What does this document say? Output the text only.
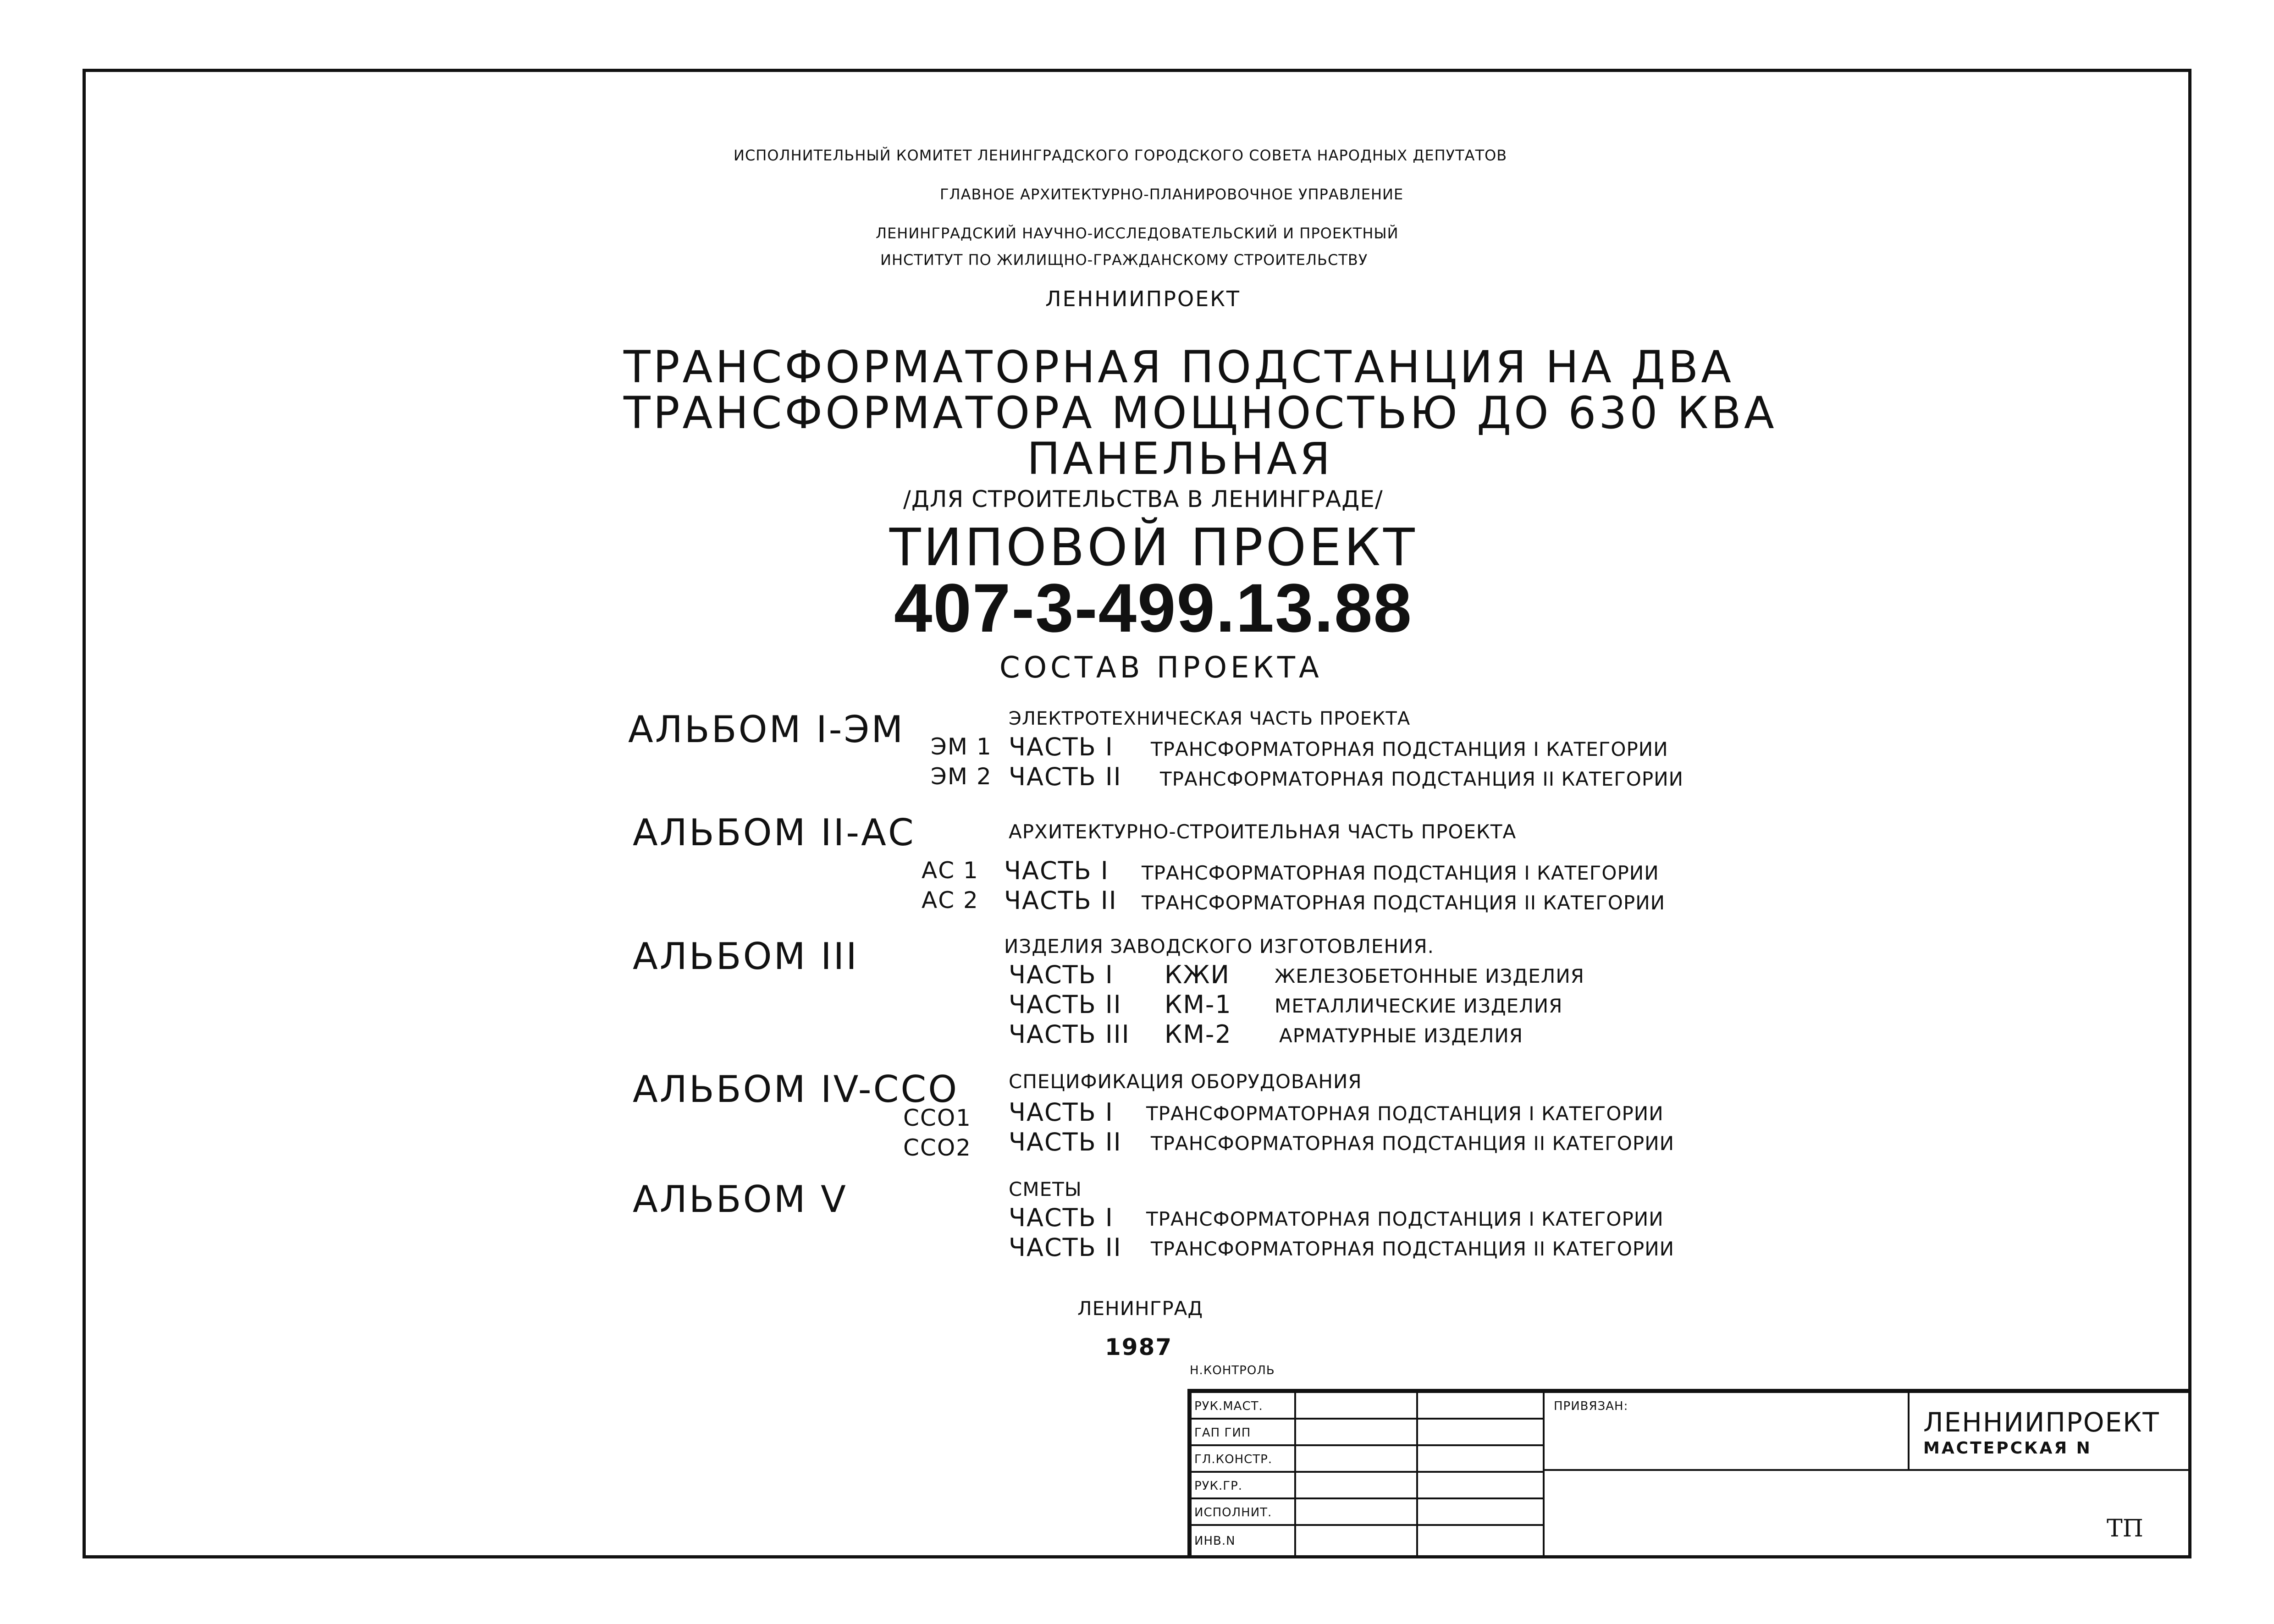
ИСПОЛНИТЕЛЬНЫЙ КОМИТЕТ ЛЕНИНГРАДСКОГО ГОРОДСКОГО СОВЕТА НАРОДНЫХ ДЕПУТАТОВ
ГЛАВНОЕ АРХИТЕКТУРНО-ПЛАНИРОВОЧНОЕ УПРАВЛЕНИЕ
ЛЕНИНГРАДСКИЙ НАУЧНО-ИССЛЕДОВАТЕЛЬСКИЙ И ПРОЕКТНЫЙ
ИНСТИТУТ ПО ЖИЛИЩНО-ГРАЖДАНСКОМУ СТРОИТЕЛЬСТВУ
ЛЕННИИПРОЕКТ
ТРАНСФОРМАТОРНАЯ ПОДСТАНЦИЯ НА ДВА
ТРАНСФОРМАТОРА МОЩНОСТЬЮ ДО 630 КВА
ПАНЕЛЬНАЯ
/ДЛЯ СТРОИТЕЛЬСТВА В ЛЕНИНГРАДЕ/
ТИПОВОЙ ПРОЕКТ
407-3-499.13.88
СОСТАВ ПРОЕКТА
АЛЬБОМ I-ЭМ	ЭЛЕКТРОТЕХНИЧЕСКАЯ ЧАСТЬ ПРОЕКТА
ЭМ 1 ЧАСТЬ I ТРАНСФОРМАТОРНАЯ ПОДСТАНЦИЯ I КАТЕГОРИИ
ЭМ 2 ЧАСТЬ II ТРАНСФОРМАТОРНАЯ ПОДСТАНЦИЯ II КАТЕГОРИИ
АЛЬБОМ II-АС	АРХИТЕКТУРНО-СТРОИТЕЛЬНАЯ ЧАСТЬ ПРОЕКТА
АС 1 ЧАСТЬ I ТРАНСФОРМАТОРНАЯ ПОДСТАНЦИЯ I КАТЕГОРИИ
АС 2 ЧАСТЬ II ТРАНСФОРМАТОРНАЯ ПОДСТАНЦИЯ II КАТЕГОРИИ
АЛЬБОМ III	ИЗДЕЛИЯ ЗАВОДСКОГО ИЗГОТОВЛЕНИЯ.
ЧАСТЬ I КЖИ ЖЕЛЕЗОБЕТОННЫЕ ИЗДЕЛИЯ
ЧАСТЬ II КМ-1 МЕТАЛЛИЧЕСКИЕ ИЗДЕЛИЯ
ЧАСТЬ III КМ-2 АРМАТУРНЫЕ ИЗДЕЛИЯ
АЛЬБОМ IV-ССО	СПЕЦИФИКАЦИЯ ОБОРУДОВАНИЯ
ССО1 ЧАСТЬ I ТРАНСФОРМАТОРНАЯ ПОДСТАНЦИЯ I КАТЕГОРИИ
ССО2 ЧАСТЬ II ТРАНСФОРМАТОРНАЯ ПОДСТАНЦИЯ II КАТЕГОРИИ
АЛЬБОМ V	СМЕТЫ
ЧАСТЬ I ТРАНСФОРМАТОРНАЯ ПОДСТАНЦИЯ I КАТЕГОРИИ
ЧАСТЬ II ТРАНСФОРМАТОРНАЯ ПОДСТАНЦИЯ II КАТЕГОРИИ
ЛЕНИНГРАД
1987
Н.КОНТРОЛЬ
РУК.МАСТ.
ГАП ГИП
ГЛ.КОНСТР.
РУК.ГР.
ИСПОЛНИТ.
ИНВ.N
ПРИВЯЗАН:
ЛЕННИИПРОЕКТ
МАСТЕРСКАЯ N
ТП
